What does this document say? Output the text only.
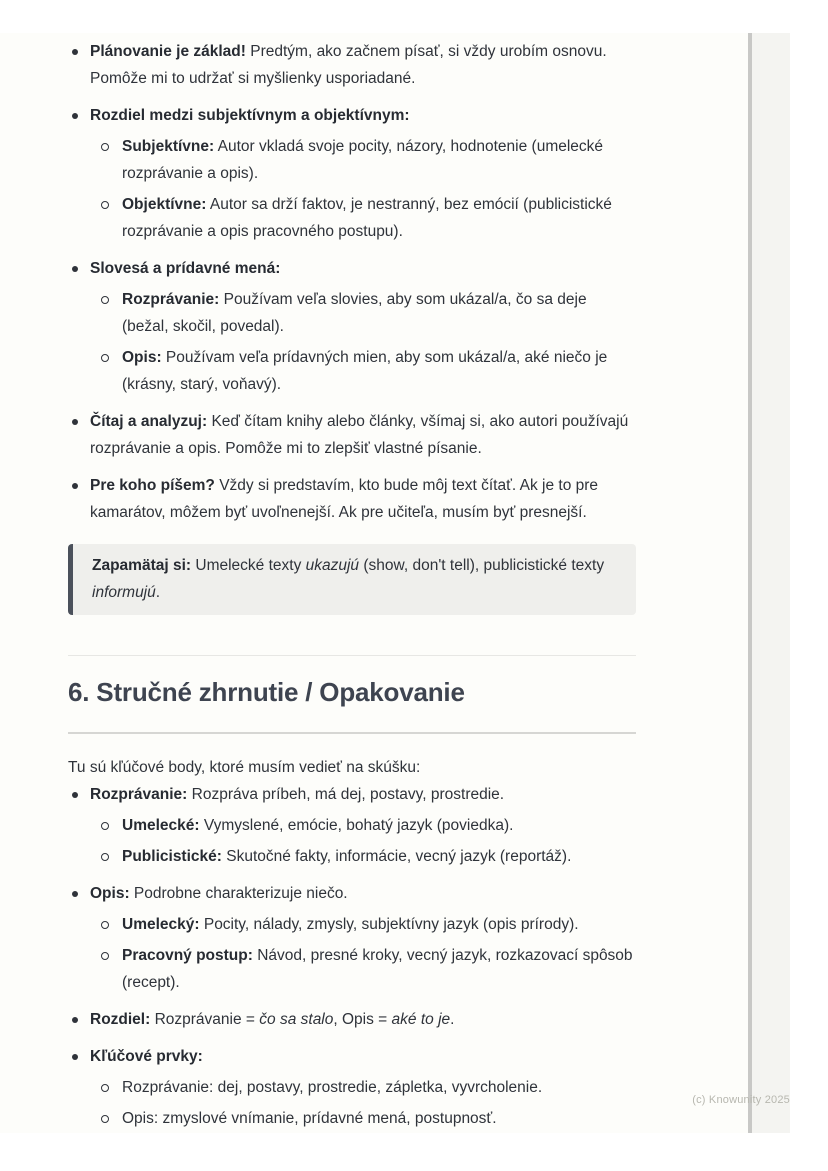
Plánovanie je základ! Predtým, ako začnem písať, si vždy urobím osnovu. Pomôže mi to udržať si myšlienky usporiadané.
Rozdiel medzi subjektívnym a objektívnym:
Subjektívne: Autor vkladá svoje pocity, názory, hodnotenie (umelecké rozprávanie a opis).
Objektívne: Autor sa drží faktov, je nestranný, bez emócií (publicistické rozprávanie a opis pracovného postupu).
Slovesá a prídavné mená:
Rozprávanie: Používam veľa slovies, aby som ukázal/a, čo sa deje (bežal, skočil, povedal).
Opis: Používam veľa prídavných mien, aby som ukázal/a, aké niečo je (krásny, starý, voňavý).
Čítaj a analyzuj: Keď čítam knihy alebo články, všímaj si, ako autori používajú rozprávanie a opis. Pomôže mi to zlepšiť vlastné písanie.
Pre koho píšem? Vždy si predstavím, kto bude môj text čítať. Ak je to pre kamarátov, môžem byť uvoľnenejší. Ak pre učiteľa, musím byť presnejší.

Zapamätaj si: Umelecké texty ukazujú (show, don't tell), publicistické texty informujú.

6. Stručné zhrnutie / Opakovanie

Tu sú kľúčové body, ktoré musím vedieť na skúšku:

Rozprávanie: Rozpráva príbeh, má dej, postavy, prostredie.
Umelecké: Vymyslené, emócie, bohatý jazyk (poviedka).
Publicistické: Skutočné fakty, informácie, vecný jazyk (reportáž).
Opis: Podrobne charakterizuje niečo.
Umelecký: Pocity, nálady, zmysly, subjektívny jazyk (opis prírody).
Pracovný postup: Návod, presné kroky, vecný jazyk, rozkazovací spôsob (recept).
Rozdiel: Rozprávanie = čo sa stalo, Opis = aké to je.
Kľúčové prvky:
Rozprávanie: dej, postavy, prostredie, zápletka, vyvrcholenie.
Opis: zmyslové vnímanie, prídavné mená, postupnosť.
(c) Knowunity 2025
